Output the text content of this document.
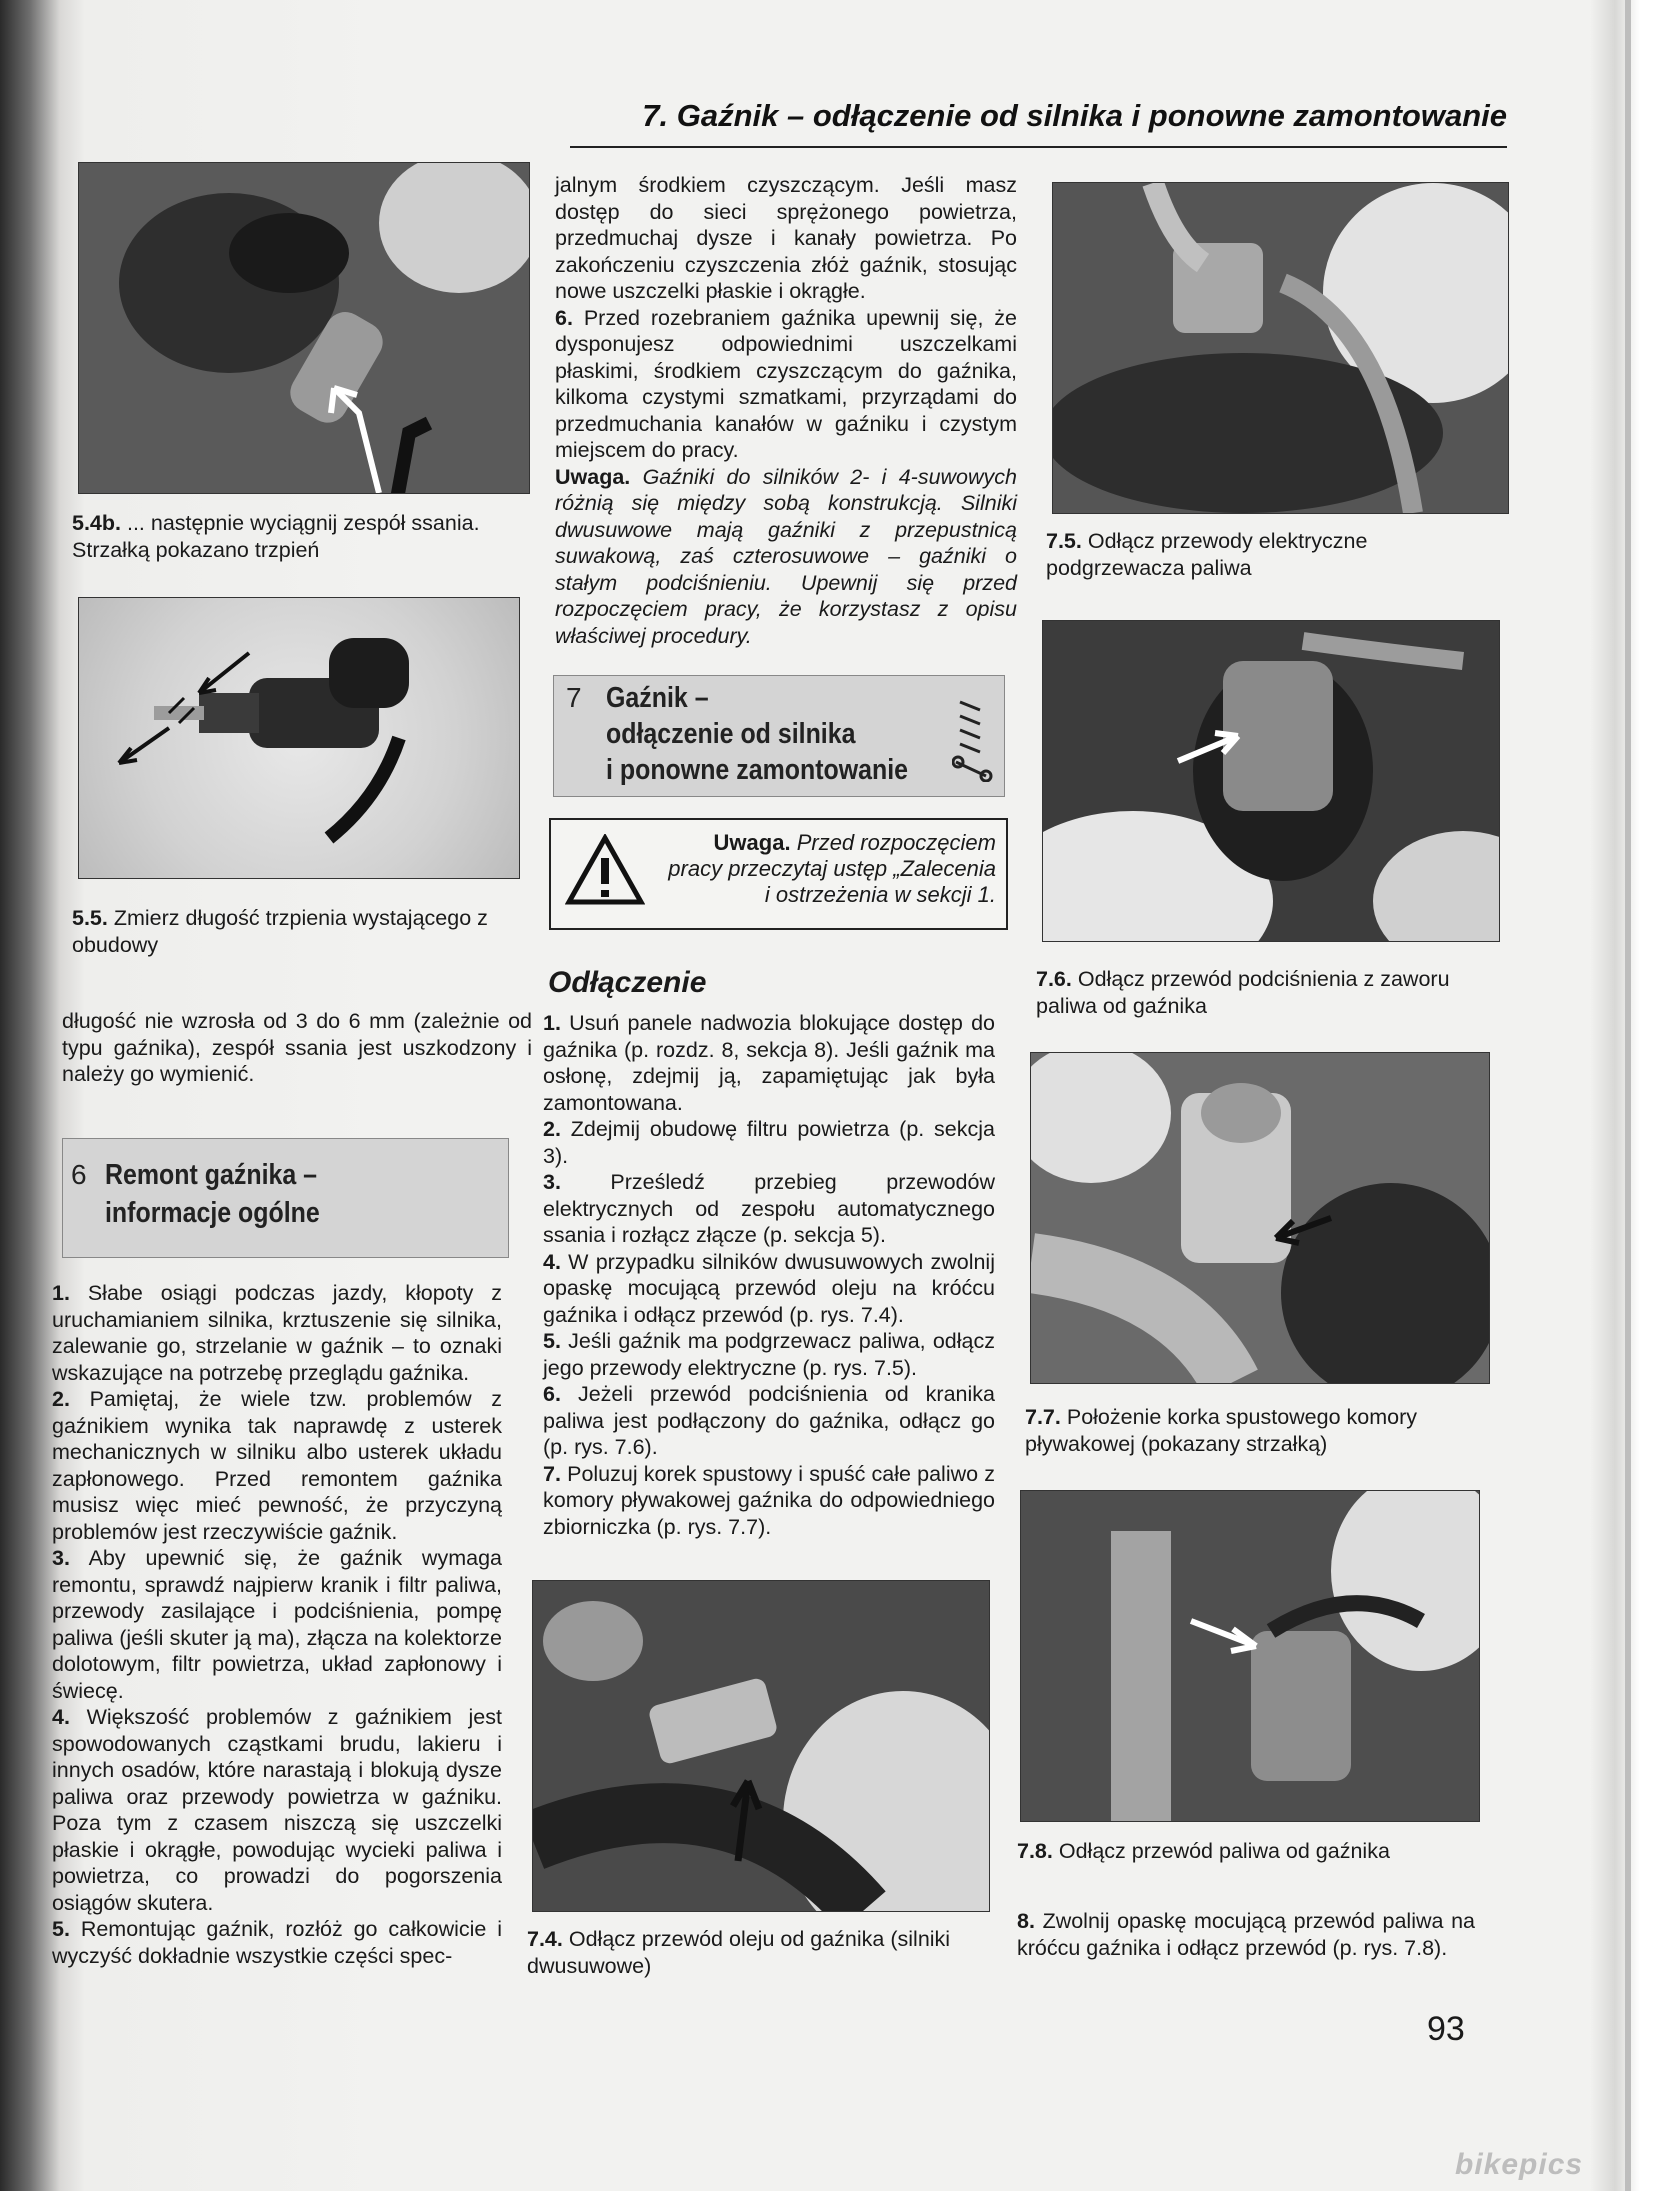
7. Gaźnik – odłączenie od silnika i ponowne zamontowanie
5.4b. ... następnie wyciągnij zespół ssania. Strzałką pokazano trzpień
5.5. Zmierz długość trzpienia wystającego z obudowy

długość nie wzrosła od 3 do 6 mm (zależnie od typu gaźnika), zespół ssania jest uszkodzony i należy go wymienić.

6 Remont gaźnika –
informacje ogólne

1. Słabe osiągi podczas jazdy, kłopoty z uruchamianiem silnika, krztuszenie się silnika, zalewanie go, strzelanie w gaźnik – to oznaki wskazujące na potrzebę przeglądu gaźnika.

2. Pamiętaj, że wiele tzw. problemów z gaźnikiem wynika tak naprawdę z usterek mechanicznych w silniku albo usterek układu zapłonowego. Przed remontem gaźnika musisz więc mieć pewność, że przyczyną problemów jest rzeczywiście gaźnik.

3. Aby upewnić się, że gaźnik wymaga remontu, sprawdź najpierw kranik i filtr paliwa, przewody zasilające i podciśnienia, pompę paliwa (jeśli skuter ją ma), złącza na kolektorze dolotowym, filtr powietrza, układ zapłonowy i świecę.

4. Większość problemów z gaźnikiem jest spowodowanych cząstkami brudu, lakieru i innych osadów, które narastają i blokują dysze paliwa oraz przewody powietrza w gaźniku. Poza tym z czasem niszczą się uszczelki płaskie i okrągłe, powodując wycieki paliwa i powietrza, co prowadzi do pogorszenia osiągów skutera.

5. Remontując gaźnik, rozłóż go całkowicie i wyczyść dokładnie wszystkie części spec-

jalnym środkiem czyszczącym. Jeśli masz dostęp do sieci sprężonego powietrza, przedmuchaj dysze i kanały powietrza. Po zakończeniu czyszczenia złóż gaźnik, stosując nowe uszczelki płaskie i okrągłe.

6. Przed rozebraniem gaźnika upewnij się, że dysponujesz odpowiednimi uszczelkami płaskimi, środkiem czyszczącym do gaźnika, kilkoma czystymi szmatkami, przyrządami do przedmuchania kanałów w gaźniku i czystym miejscem do pracy.

Uwaga. Gaźniki do silników 2- i 4-suwowych różnią się między sobą konstrukcją. Silniki dwusuwowe mają gaźniki z przepustnicą suwakową, zaś czterosuwowe – gaźniki o stałym podciśnieniu. Upewnij się przed rozpoczęciem pracy, że korzystasz z opisu właściwej procedury.

7 Gaźnik –
odłączenie od silnika
i ponowne zamontowanie
Uwaga. Przed rozpoczęciem pracy przeczytaj ustęp „Zalecenia i ostrzeżenia w sekcji 1.
Odłączenie

1. Usuń panele nadwozia blokujące dostęp do gaźnika (p. rozdz. 8, sekcja 8). Jeśli gaźnik ma osłonę, zdejmij ją, zapamiętując jak była zamontowana.

2. Zdejmij obudowę filtru powietrza (p. sekcja 3).

3. Prześledź przebieg przewodów elektrycznych od zespołu automatycznego ssania i rozłącz złącze (p. sekcja 5).

4. W przypadku silników dwusuwowych zwolnij opaskę mocującą przewód oleju na króćcu gaźnika i odłącz przewód (p. rys. 7.4).

5. Jeśli gaźnik ma podgrzewacz paliwa, odłącz jego przewody elektryczne (p. rys. 7.5).

6. Jeżeli przewód podciśnienia od kranika paliwa jest podłączony do gaźnika, odłącz go (p. rys. 7.6).

7. Poluzuj korek spustowy i spuść całe paliwo z komory pływakowej gaźnika do odpowiedniego zbiorniczka (p. rys. 7.7).

7.4. Odłącz przewód oleju od gaźnika (silniki dwusuwowe)
7.5. Odłącz przewody elektryczne podgrzewacza paliwa
7.6. Odłącz przewód podciśnienia z zaworu paliwa od gaźnika
7.7. Położenie korka spustowego komory pływakowej (pokazany strzałką)
7.8. Odłącz przewód paliwa od gaźnika

8. Zwolnij opaskę mocującą przewód paliwa na króćcu gaźnika i odłącz przewód (p. rys. 7.8).

93
bikepics
